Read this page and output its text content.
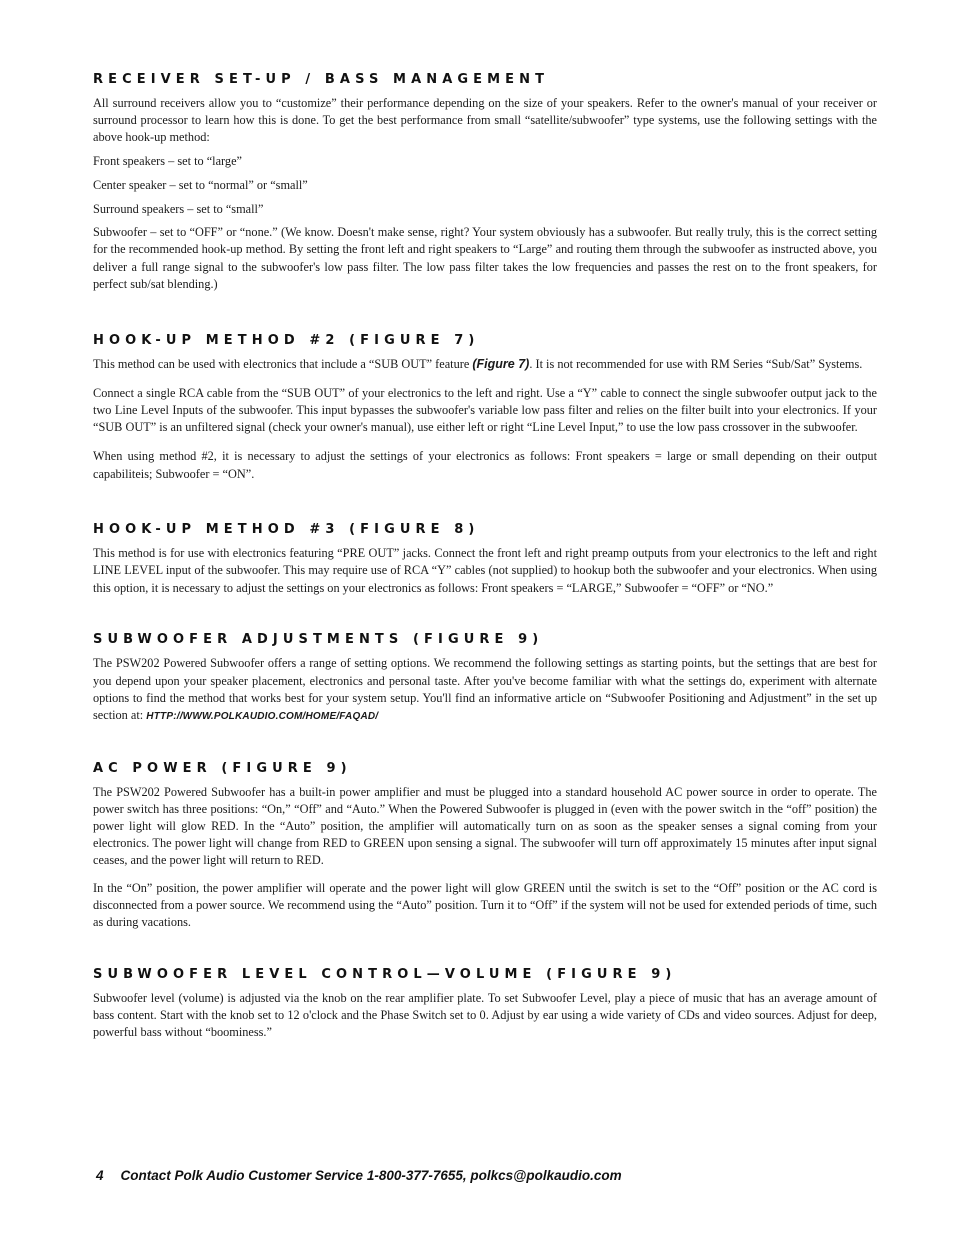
RECEIVER SET-UP / BASS MANAGEMENT

All surround receivers allow you to “customize” their performance depending on the size of your speakers. Refer to the owner's manual of your receiver or surround processor to learn how this is done. To get the best performance from small “satellite/subwoofer” type systems, use the following settings with the above hook-up method:

Front speakers – set to “large”

Center speaker – set to “normal” or “small”

Surround speakers – set to “small”

Subwoofer – set to “OFF” or “none.” (We know. Doesn't make sense, right? Your system obviously has a subwoofer. But really truly, this is the correct setting for the recommended hook-up method. By setting the front left and right speakers to “Large” and routing them through the subwoofer as instructed above, you deliver a full range signal to the subwoofer's low pass filter. The low pass filter takes the low frequencies and passes the rest on to the front speakers, for perfect sub/sat blending.)

HOOK-UP METHOD #2 (FIGURE 7)

This method can be used with electronics that include a “SUB OUT” feature (Figure 7). It is not recommended for use with RM Series “Sub/Sat” Systems.

Connect a single RCA cable from the “SUB OUT” of your electronics to the left and right. Use a “Y” cable to connect the single subwoofer output jack to the two Line Level Inputs of the subwoofer. This input bypasses the subwoofer's variable low pass filter and relies on the filter built into your electronics. If your “SUB OUT” is an unfiltered signal (check your owner's manual), use either left or right “Line Level Input,” to use the low pass crossover in the subwoofer.

When using method #2, it is necessary to adjust the settings of your electronics as follows: Front speakers = large or small depending on their output capabiliteis; Subwoofer = “ON”.

HOOK-UP METHOD #3 (FIGURE 8)

This method is for use with electronics featuring “PRE OUT” jacks. Connect the front left and right preamp outputs from your electronics to the left and right LINE LEVEL input of the subwoofer. This may require use of RCA “Y” cables (not supplied) to hookup both the subwoofer and your electronics. When using this option, it is necessary to adjust the settings on your electronics as follows: Front speakers = “LARGE,” Subwoofer = “OFF” or “NO.”

SUBWOOFER ADJUSTMENTS (FIGURE 9)

The PSW202 Powered Subwoofer offers a range of setting options. We recommend the following settings as starting points, but the settings that are best for you depend upon your speaker placement, electronics and personal taste. After you've become familiar with what the settings do, experiment with alternate options to find the method that works best for your system setup. You'll find an informative article on “Subwoofer Positioning and Adjustment” in the set up section at: HTTP://WWW.POLKAUDIO.COM/HOME/FAQAD/

AC POWER (FIGURE 9)

The PSW202 Powered Subwoofer has a built-in power amplifier and must be plugged into a standard household AC power source in order to operate. The power switch has three positions: “On,” “Off” and “Auto.” When the Powered Subwoofer is plugged in (even with the power switch in the “off” position) the power light will glow RED. In the “Auto” position, the amplifier will automatically turn on as soon as the speaker senses a signal coming from your electronics. The power light will change from RED to GREEN upon sensing a signal. The subwoofer will turn off approximately 15 minutes after input signal ceases, and the power light will return to RED.

In the “On” position, the power amplifier will operate and the power light will glow GREEN until the switch is set to the “Off” position or the AC cord is disconnected from a power source. We recommend using the “Auto” position. Turn it to “Off” if the system will not be used for extended periods of time, such as during vacations.

SUBWOOFER LEVEL CONTROL—VOLUME (FIGURE 9)

Subwoofer level (volume) is adjusted via the knob on the rear amplifier plate. To set Subwoofer Level, play a piece of music that has an average amount of bass content. Start with the knob set to 12 o'clock and the Phase Switch set to 0. Adjust by ear using a wide variety of CDs and video sources. Adjust for deep, powerful bass without “boominess.”

4 Contact Polk Audio Customer Service 1-800-377-7655, polkcs@polkaudio.com
